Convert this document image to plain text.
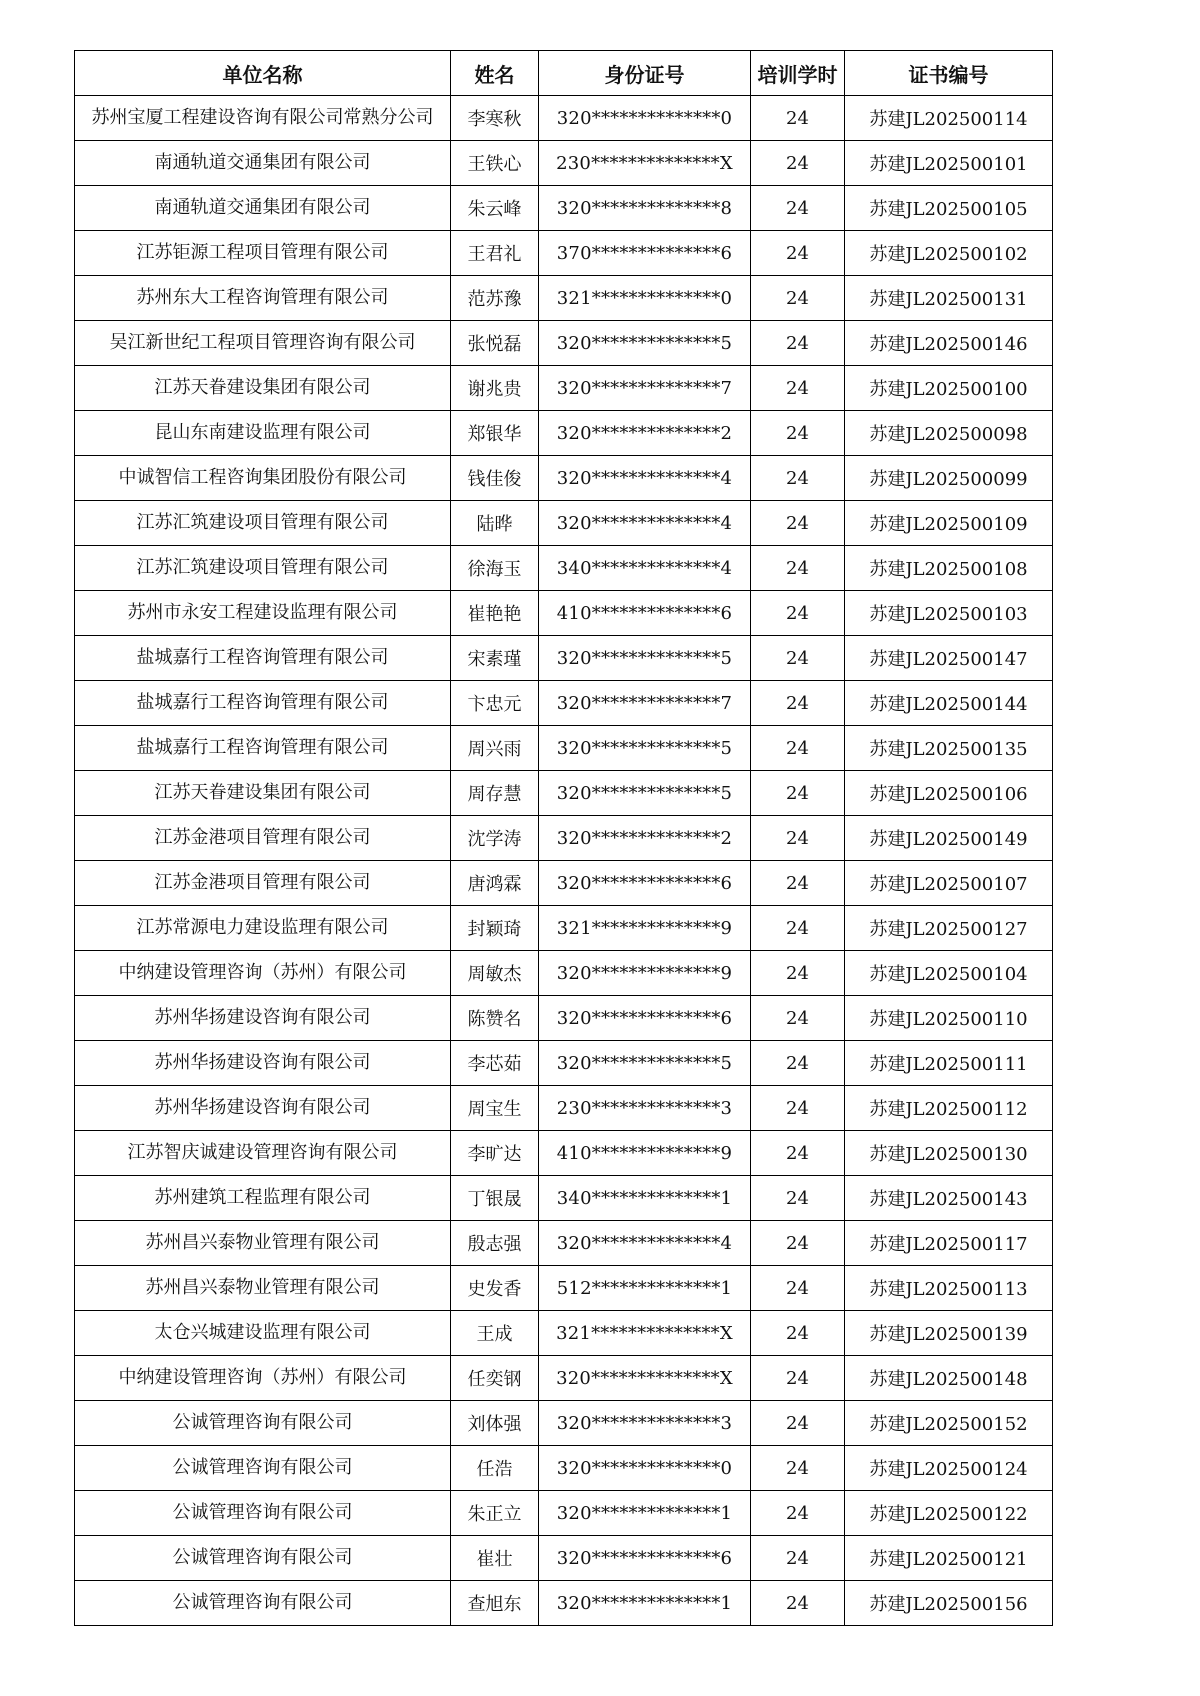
单位名称	姓名	身份证号	培训学时	证书编号

苏州宝厦工程建设咨询有限公司常熟分公司	李寒秋	320**************0	24	苏建JL202500114

南通轨道交通集团有限公司	王铁心	230**************X	24	苏建JL202500101

南通轨道交通集团有限公司	朱云峰	320**************8	24	苏建JL202500105

江苏钜源工程项目管理有限公司	王君礼	370**************6	24	苏建JL202500102

苏州东大工程咨询管理有限公司	范苏豫	321**************0	24	苏建JL202500131

吴江新世纪工程项目管理咨询有限公司	张悦磊	320**************5	24	苏建JL202500146

江苏天眷建设集团有限公司	谢兆贵	320**************7	24	苏建JL202500100

昆山东南建设监理有限公司	郑银华	320**************2	24	苏建JL202500098

中诚智信工程咨询集团股份有限公司	钱佳俊	320**************4	24	苏建JL202500099

江苏汇筑建设项目管理有限公司	陆晔	320**************4	24	苏建JL202500109

江苏汇筑建设项目管理有限公司	徐海玉	340**************4	24	苏建JL202500108

苏州市永安工程建设监理有限公司	崔艳艳	410**************6	24	苏建JL202500103

盐城嘉行工程咨询管理有限公司	宋素瑾	320**************5	24	苏建JL202500147

盐城嘉行工程咨询管理有限公司	卞忠元	320**************7	24	苏建JL202500144

盐城嘉行工程咨询管理有限公司	周兴雨	320**************5	24	苏建JL202500135

江苏天眷建设集团有限公司	周存慧	320**************5	24	苏建JL202500106

江苏金港项目管理有限公司	沈学涛	320**************2	24	苏建JL202500149

江苏金港项目管理有限公司	唐鸿霖	320**************6	24	苏建JL202500107

江苏常源电力建设监理有限公司	封颖琦	321**************9	24	苏建JL202500127

中纳建设管理咨询（苏州）有限公司	周敏杰	320**************9	24	苏建JL202500104

苏州华扬建设咨询有限公司	陈赞名	320**************6	24	苏建JL202500110

苏州华扬建设咨询有限公司	李芯茹	320**************5	24	苏建JL202500111

苏州华扬建设咨询有限公司	周宝生	230**************3	24	苏建JL202500112

江苏智庆诚建设管理咨询有限公司	李旷达	410**************9	24	苏建JL202500130

苏州建筑工程监理有限公司	丁银晟	340**************1	24	苏建JL202500143

苏州昌兴泰物业管理有限公司	殷志强	320**************4	24	苏建JL202500117

苏州昌兴泰物业管理有限公司	史发香	512**************1	24	苏建JL202500113

太仓兴城建设监理有限公司	王成	321**************X	24	苏建JL202500139

中纳建设管理咨询（苏州）有限公司	任奕钢	320**************X	24	苏建JL202500148

公诚管理咨询有限公司	刘体强	320**************3	24	苏建JL202500152

公诚管理咨询有限公司	任浩	320**************0	24	苏建JL202500124

公诚管理咨询有限公司	朱正立	320**************1	24	苏建JL202500122

公诚管理咨询有限公司	崔壮	320**************6	24	苏建JL202500121

公诚管理咨询有限公司	查旭东	320**************1	24	苏建JL202500156
